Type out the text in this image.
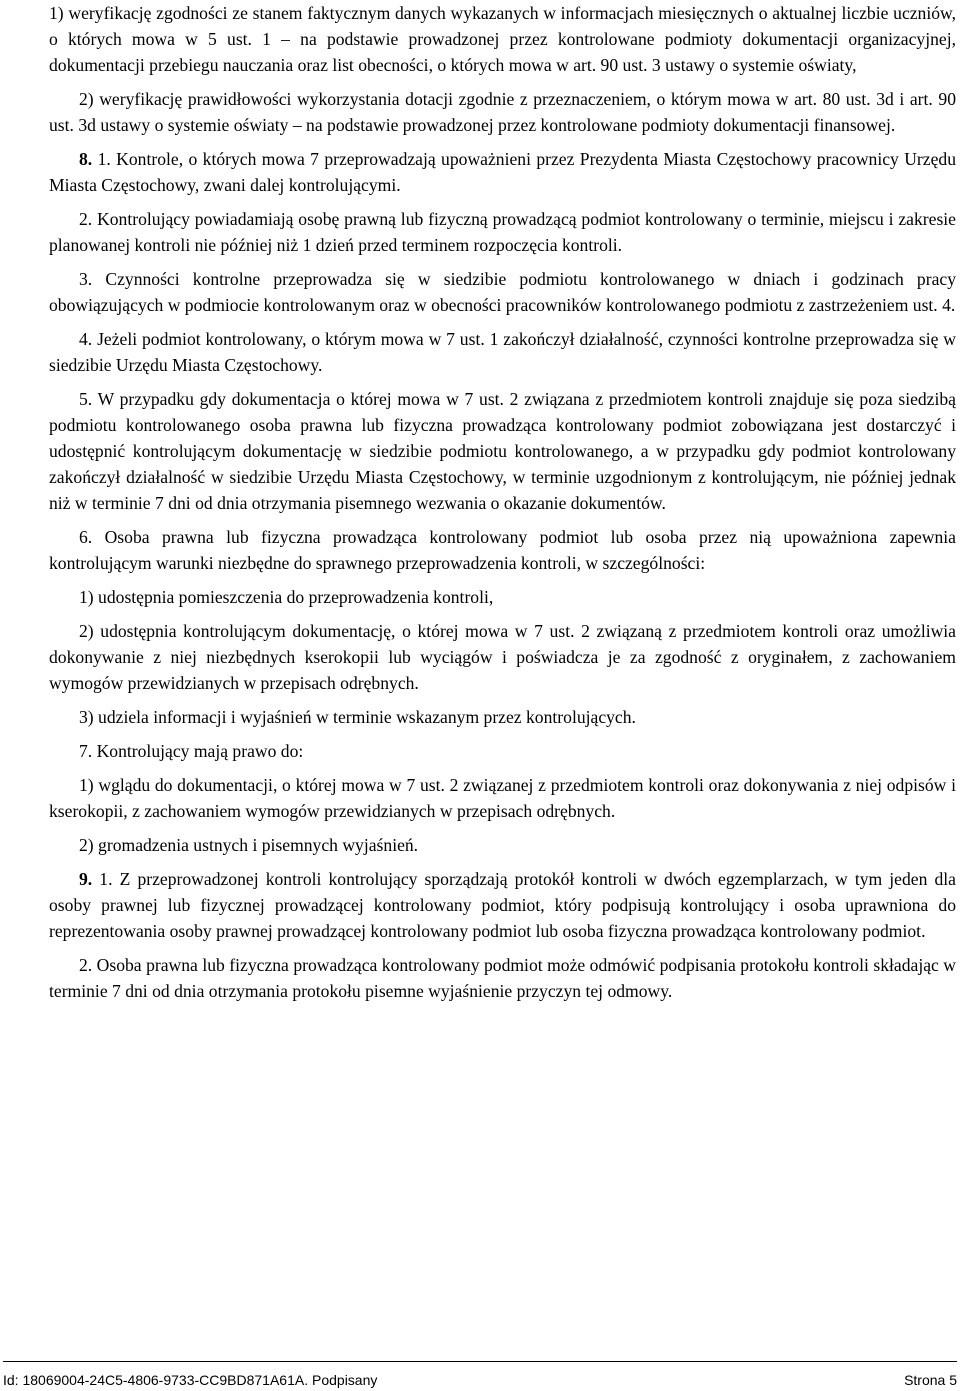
1) weryfikację zgodności ze stanem faktycznym danych wykazanych w informacjach miesięcznych o aktualnej liczbie uczniów, o których mowa w 5 ust. 1 – na podstawie prowadzonej przez kontrolowane podmioty dokumentacji organizacyjnej, dokumentacji przebiegu nauczania oraz list obecności, o których mowa w art. 90 ust. 3 ustawy o systemie oświaty,

2) weryfikację prawidłowości wykorzystania dotacji zgodnie z przeznaczeniem, o którym mowa w art. 80 ust. 3d i art. 90 ust. 3d ustawy o systemie oświaty – na podstawie prowadzonej przez kontrolowane podmioty dokumentacji finansowej.

8. 1. Kontrole, o których mowa 7 przeprowadzają upoważnieni przez Prezydenta Miasta Częstochowy pracownicy Urzędu Miasta Częstochowy, zwani dalej kontrolującymi.

2. Kontrolujący powiadamiają osobę prawną lub fizyczną prowadzącą podmiot kontrolowany o terminie, miejscu i zakresie planowanej kontroli nie później niż 1 dzień przed terminem rozpoczęcia kontroli.

3. Czynności kontrolne przeprowadza się w siedzibie podmiotu kontrolowanego w dniach i godzinach pracy obowiązujących w podmiocie kontrolowanym oraz w obecności pracowników kontrolowanego podmiotu z zastrzeżeniem ust. 4.

4. Jeżeli podmiot kontrolowany, o którym mowa w 7 ust. 1 zakończył działalność, czynności kontrolne przeprowadza się w siedzibie Urzędu Miasta Częstochowy.

5. W przypadku gdy dokumentacja o której mowa w 7 ust. 2 związana z przedmiotem kontroli znajduje się poza siedzibą podmiotu kontrolowanego osoba prawna lub fizyczna prowadząca kontrolowany podmiot zobowiązana jest dostarczyć i udostępnić kontrolującym dokumentację w siedzibie podmiotu kontrolowanego, a w przypadku gdy podmiot kontrolowany zakończył działalność w siedzibie Urzędu Miasta Częstochowy, w terminie uzgodnionym z kontrolującym, nie później jednak niż w terminie 7 dni od dnia otrzymania pisemnego wezwania o okazanie dokumentów.

6. Osoba prawna lub fizyczna prowadząca kontrolowany podmiot lub osoba przez nią upoważniona zapewnia kontrolującym warunki niezbędne do sprawnego przeprowadzenia kontroli, w szczególności:

1) udostępnia pomieszczenia do przeprowadzenia kontroli,

2) udostępnia kontrolującym dokumentację, o której mowa w 7 ust. 2 związaną z przedmiotem kontroli oraz umożliwia dokonywanie z niej niezbędnych kserokopii lub wyciągów i poświadcza je za zgodność z oryginałem, z zachowaniem wymogów przewidzianych w przepisach odrębnych.

3) udziela informacji i wyjaśnień w terminie wskazanym przez kontrolujących.

7. Kontrolujący mają prawo do:

1) wglądu do dokumentacji, o której mowa w 7 ust. 2 związanej z przedmiotem kontroli oraz dokonywania z niej odpisów i kserokopii, z zachowaniem wymogów przewidzianych w przepisach odrębnych.

2) gromadzenia ustnych i pisemnych wyjaśnień.

9. 1. Z przeprowadzonej kontroli kontrolujący sporządzają protokół kontroli w dwóch egzemplarzach, w tym jeden dla osoby prawnej lub fizycznej prowadzącej kontrolowany podmiot, który podpisują kontrolujący i osoba uprawniona do reprezentowania osoby prawnej prowadzącej kontrolowany podmiot lub osoba fizyczna prowadząca kontrolowany podmiot.

2. Osoba prawna lub fizyczna prowadząca kontrolowany podmiot może odmówić podpisania protokołu kontroli składając w terminie 7 dni od dnia otrzymania protokołu pisemne wyjaśnienie przyczyn tej odmowy.

Id: 18069004-24C5-4806-9733-CC9BD871A61A. Podpisany	Strona 5
